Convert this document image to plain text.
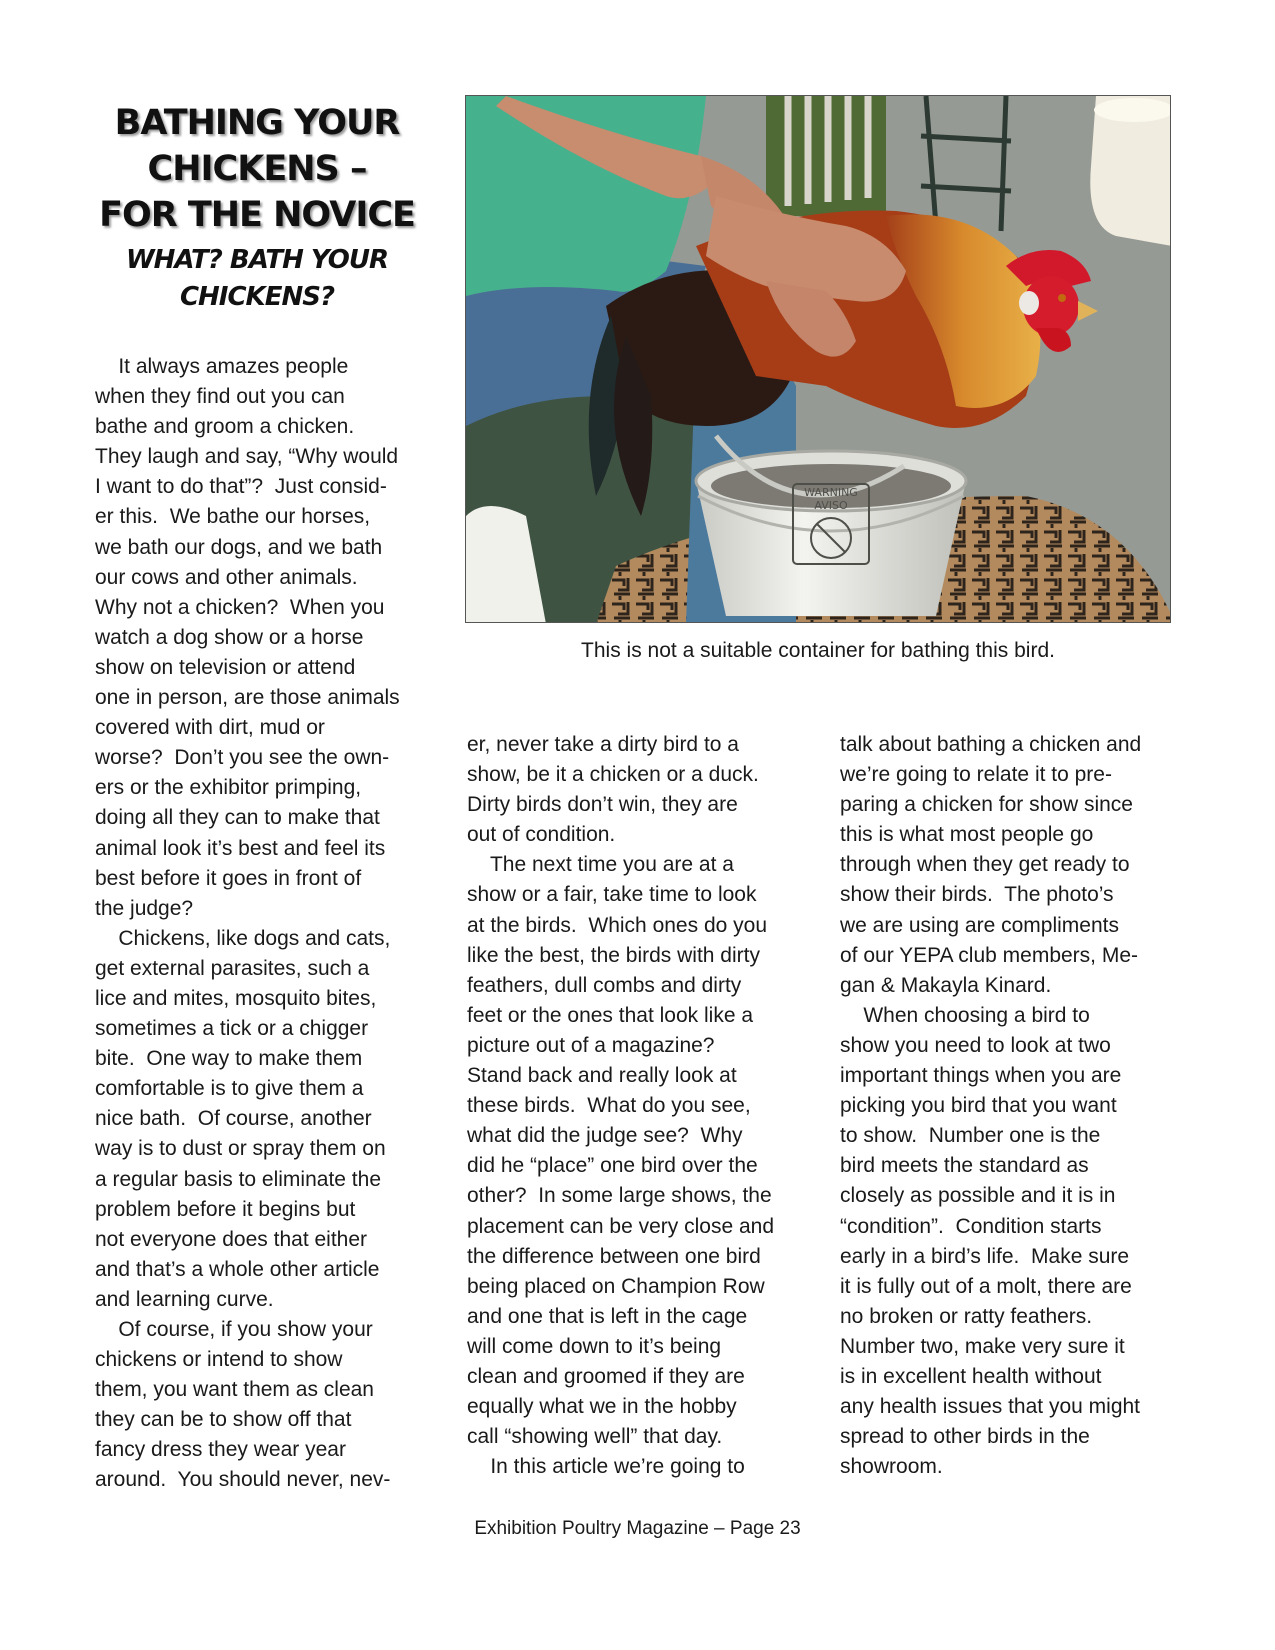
BATHING YOUR
CHICKENS –
FOR THE NOVICE
WHAT? BATH YOUR
CHICKENS?
WARNING
AVISO

This is not a suitable container for bathing this bird.

It always amazes people
when they find out you can
bathe and groom a chicken.
They laugh and say, “Why would
I want to do that”?  Just consid-
er this.  We bathe our horses,
we bath our dogs, and we bath
our cows and other animals.
Why not a chicken?  When you
watch a dog show or a horse
show on television or attend
one in person, are those animals
covered with dirt, mud or
worse?  Don’t you see the own-
ers or the exhibitor primping,
doing all they can to make that
animal look it’s best and feel its
best before it goes in front of
the judge?
Chickens, like dogs and cats,
get external parasites, such a
lice and mites, mosquito bites,
sometimes a tick or a chigger
bite.  One way to make them
comfortable is to give them a
nice bath.  Of course, another
way is to dust or spray them on
a regular basis to eliminate the
problem before it begins but
not everyone does that either
and that’s a whole other article
and learning curve.
Of course, if you show your
chickens or intend to show
them, you want them as clean
they can be to show off that
fancy dress they wear year
around.  You should never, nev-
er, never take a dirty bird to a
show, be it a chicken or a duck.
Dirty birds don’t win, they are
out of condition.
The next time you are at a
show or a fair, take time to look
at the birds.  Which ones do you
like the best, the birds with dirty
feathers, dull combs and dirty
feet or the ones that look like a
picture out of a magazine?
Stand back and really look at
these birds.  What do you see,
what did the judge see?  Why
did he “place” one bird over the
other?  In some large shows, the
placement can be very close and
the difference between one bird
being placed on Champion Row
and one that is left in the cage
will come down to it’s being
clean and groomed if they are
equally what we in the hobby
call “showing well” that day.
In this article we’re going to
talk about bathing a chicken and
we’re going to relate it to pre-
paring a chicken for show since
this is what most people go
through when they get ready to
show their birds.  The photo’s
we are using are compliments
of our YEPA club members, Me-
gan & Makayla Kinard.
When choosing a bird to
show you need to look at two
important things when you are
picking you bird that you want
to show.  Number one is the
bird meets the standard as
closely as possible and it is in
“condition”.  Condition starts
early in a bird’s life.  Make sure
it is fully out of a molt, there are
no broken or ratty feathers.
Number two, make very sure it
is in excellent health without
any health issues that you might
spread to other birds in the
showroom.

Exhibition Poultry Magazine – Page 23
